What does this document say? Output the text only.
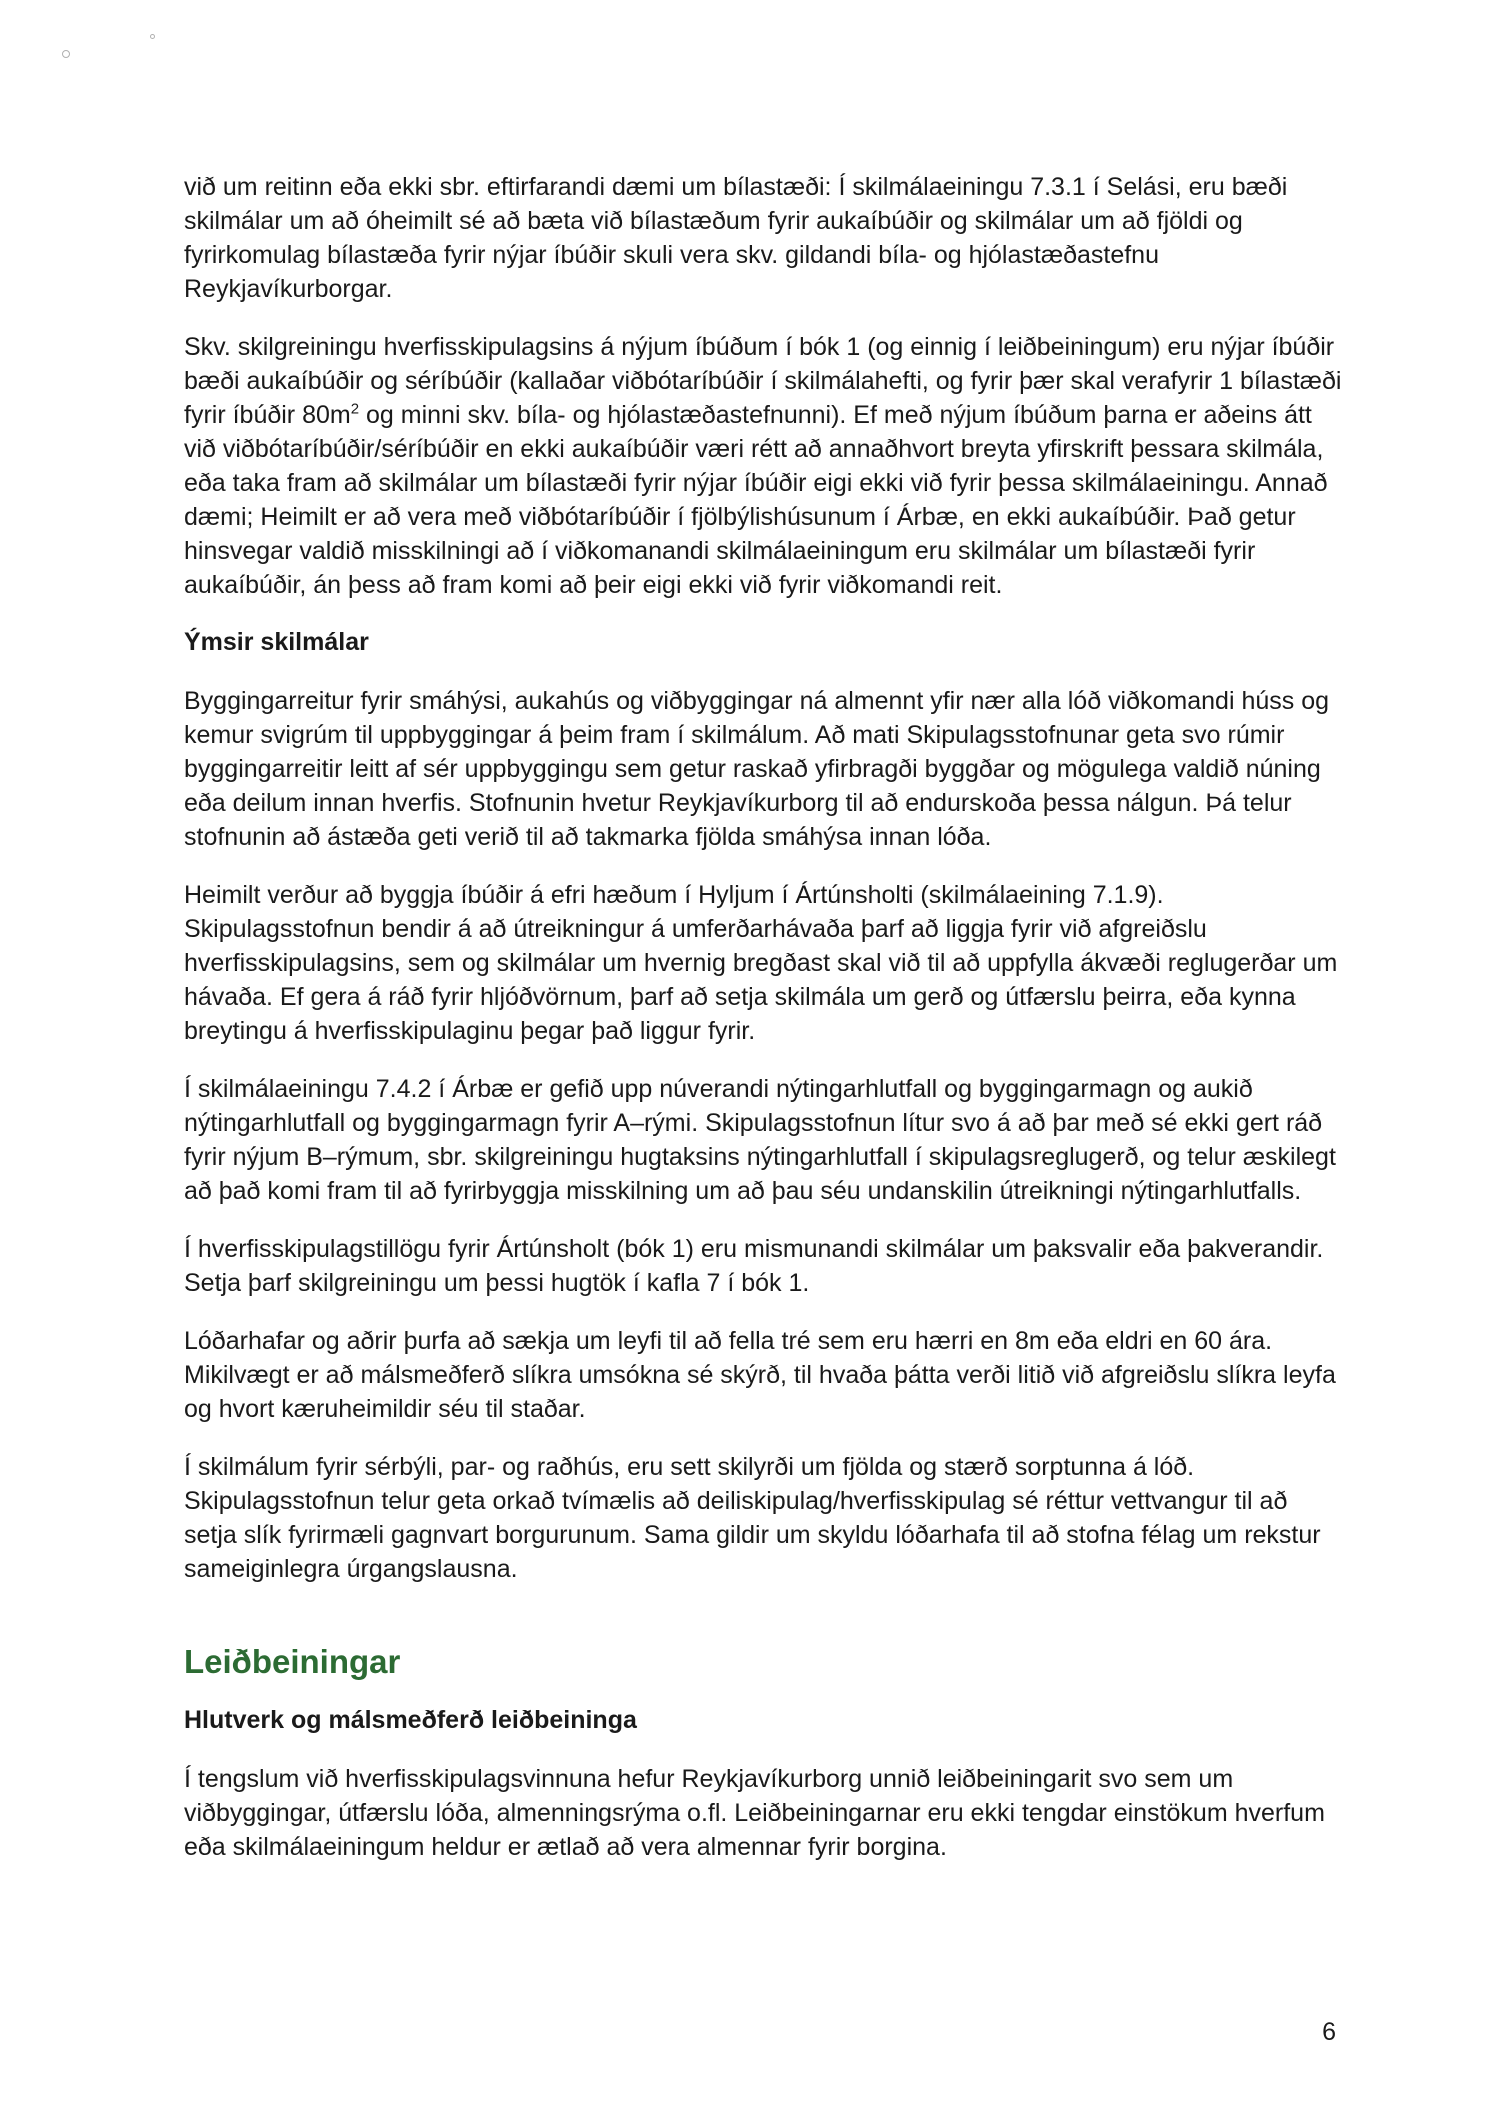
við um reitinn eða ekki sbr. eftirfarandi dæmi um bílastæði: Í skilmálaeiningu 7.3.1 í Selási, eru bæði skilmálar um að óheimilt sé að bæta við bílastæðum fyrir aukaíbúðir og skilmálar um að fjöldi og fyrirkomulag bílastæða fyrir nýjar íbúðir skuli vera skv. gildandi bíla- og hjólastæðastefnu Reykjavíkurborgar.

Skv. skilgreiningu hverfisskipulagsins á nýjum íbúðum í bók 1 (og einnig í leiðbeiningum) eru nýjar íbúðir bæði aukaíbúðir og séríbúðir (kallaðar viðbótaríbúðir í skilmálahefti, og fyrir þær skal verafyrir 1 bílastæði fyrir íbúðir $80m^2$ og minni skv. bíla- og hjólastæðastefnunni). Ef með nýjum íbúðum þarna er aðeins átt við viðbótaríbúðir/séríbúðir en ekki aukaíbúðir væri rétt að annaðhvort breyta yfirskrift þessara skilmála, eða taka fram að skilmálar um bílastæði fyrir nýjar íbúðir eigi ekki við fyrir þessa skilmálaeiningu. Annað dæmi; Heimilt er að vera með viðbótaríbúðir í fjölbýlishúsunum í Árbæ, en ekki aukaíbúðir. Það getur hinsvegar valdið misskilningi að í viðkomanandi skilmálaeiningum eru skilmálar um bílastæði fyrir aukaíbúðir, án þess að fram komi að þeir eigi ekki við fyrir viðkomandi reit.

Ýmsir skilmálar

Byggingarreitur fyrir smáhýsi, aukahús og viðbyggingar ná almennt yfir nær alla lóð viðkomandi húss og kemur svigrúm til uppbyggingar á þeim fram í skilmálum. Að mati Skipulagsstofnunar geta svo rúmir byggingarreitir leitt af sér uppbyggingu sem getur raskað yfirbragði byggðar og mögulega valdið núning eða deilum innan hverfis. Stofnunin hvetur Reykjavíkurborg til að endurskoða þessa nálgun. Þá telur stofnunin að ástæða geti verið til að takmarka fjölda smáhýsa innan lóða.

Heimilt verður að byggja íbúðir á efri hæðum í Hyljum í Ártúnsholti (skilmálaeining 7.1.9). Skipulagsstofnun bendir á að útreikningur á umferðarhávaða þarf að liggja fyrir við afgreiðslu hverfisskipulagsins, sem og skilmálar um hvernig bregðast skal við til að uppfylla ákvæði reglugerðar um hávaða. Ef gera á ráð fyrir hljóðvörnum, þarf að setja skilmála um gerð og útfærslu þeirra, eða kynna breytingu á hverfisskipulaginu þegar það liggur fyrir.

Í skilmálaeiningu 7.4.2 í Árbæ er gefið upp núverandi nýtingarhlutfall og byggingarmagn og aukið nýtingarhlutfall og byggingarmagn fyrir A–rými. Skipulagsstofnun lítur svo á að þar með sé ekki gert ráð fyrir nýjum B–rýmum, sbr. skilgreiningu hugtaksins nýtingarhlutfall í skipulagsreglugerð, og telur æskilegt að það komi fram til að fyrirbyggja misskilning um að þau séu undanskilin útreikningi nýtingarhlutfalls.

Í hverfisskipulagstillögu fyrir Ártúnsholt (bók 1) eru mismunandi skilmálar um þaksvalir eða þakverandir. Setja þarf skilgreiningu um þessi hugtök í kafla 7 í bók 1.

Lóðarhafar og aðrir þurfa að sækja um leyfi til að fella tré sem eru hærri en 8m eða eldri en 60 ára. Mikilvægt er að málsmeðferð slíkra umsókna sé skýrð, til hvaða þátta verði litið við afgreiðslu slíkra leyfa og hvort kæruheimildir séu til staðar.

Í skilmálum fyrir sérbýli, par- og raðhús, eru sett skilyrði um fjölda og stærð sorptunna á lóð. Skipulagsstofnun telur geta orkað tvímælis að deiliskipulag/hverfisskipulag sé réttur vettvangur til að setja slík fyrirmæli gagnvart borgurunum. Sama gildir um skyldu lóðarhafa til að stofna félag um rekstur sameiginlegra úrgangslausna.

Leiðbeiningar
Hlutverk og málsmeðferð leiðbeininga

Í tengslum við hverfisskipulagsvinnuna hefur Reykjavíkurborg unnið leiðbeiningarit svo sem um viðbyggingar, útfærslu lóða, almenningsrýma o.fl. Leiðbeiningarnar eru ekki tengdar einstökum hverfum eða skilmálaeiningum heldur er ætlað að vera almennar fyrir borgina.

6
